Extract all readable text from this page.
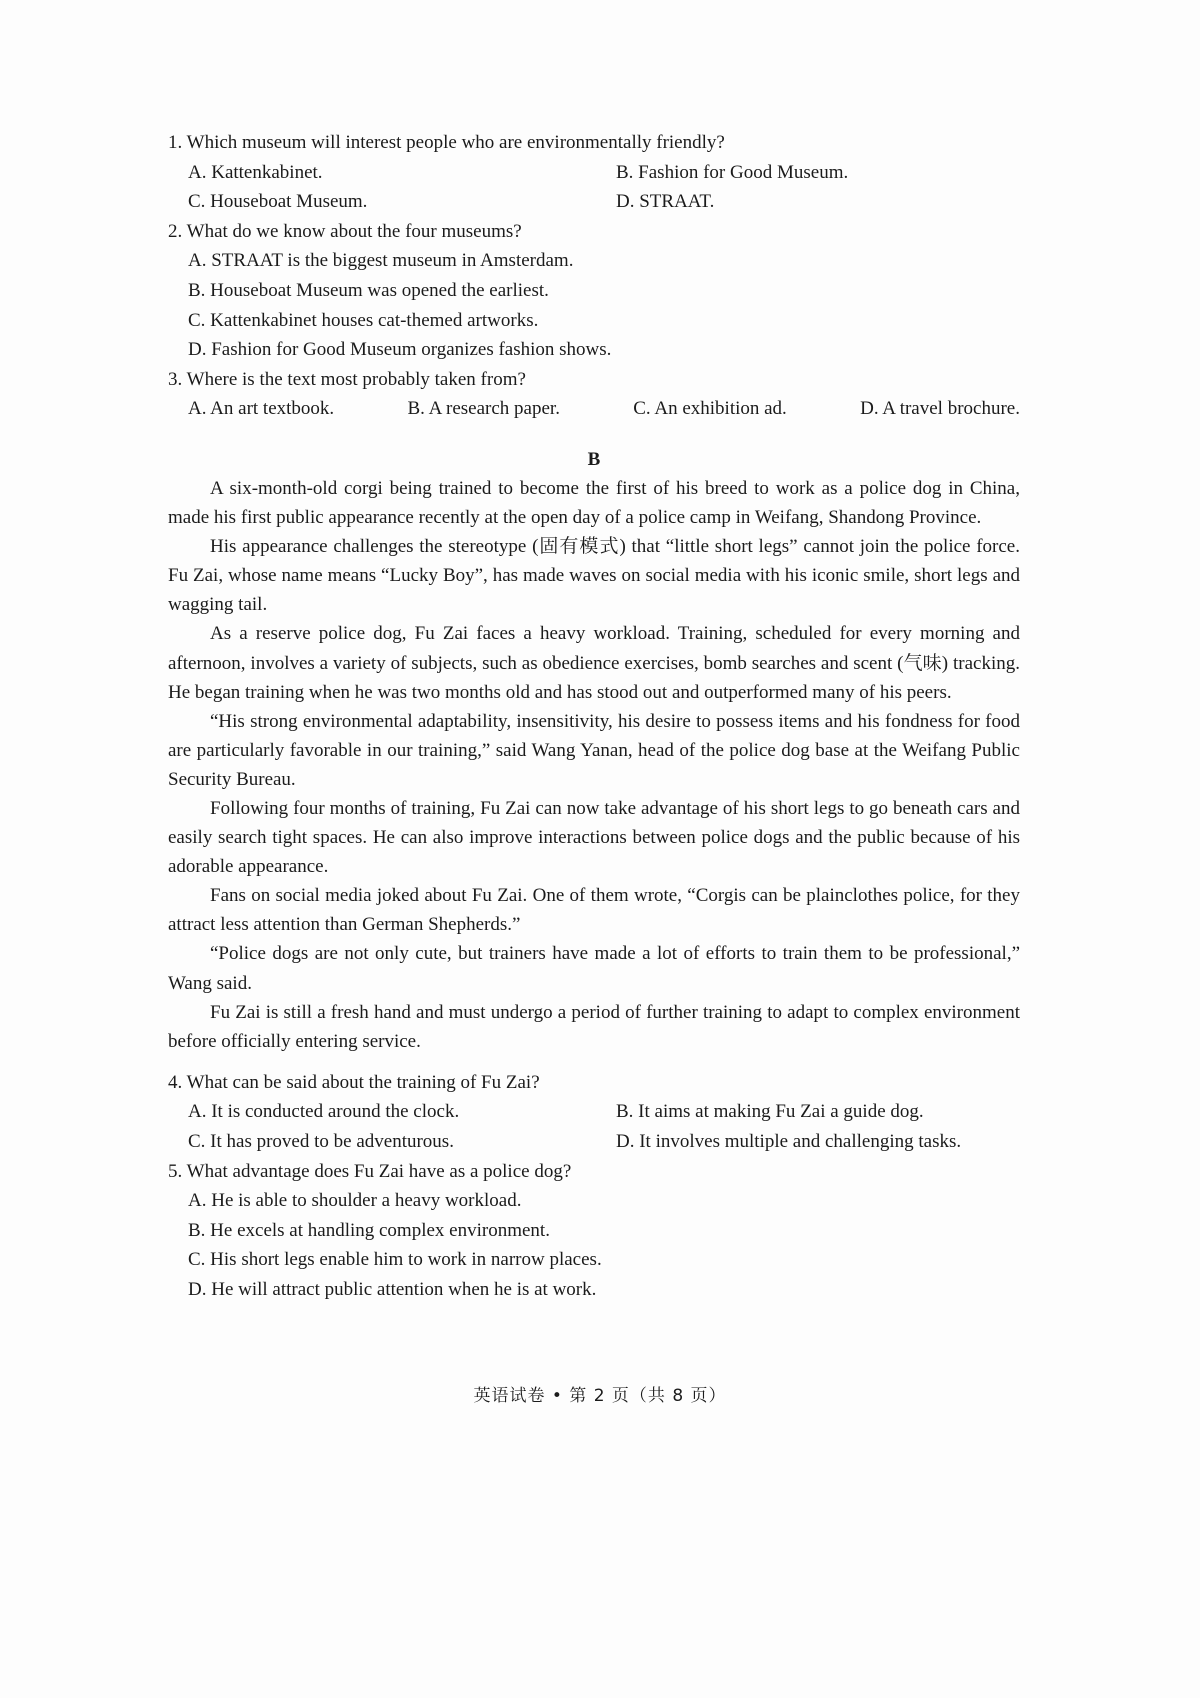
1. Which museum will interest people who are environmentally friendly?
A. Kattenkabinet.	B. Fashion for Good Museum.
C. Houseboat Museum.	D. STRAAT.
2. What do we know about the four museums?
A. STRAAT is the biggest museum in Amsterdam.
B. Houseboat Museum was opened the earliest.
C. Kattenkabinet houses cat-themed artworks.
D. Fashion for Good Museum organizes fashion shows.
3. Where is the text most probably taken from?
A. An art textbook.	B. A research paper.	C. An exhibition ad.	D. A travel brochure.
B

A six-month-old corgi being trained to become the first of his breed to work as a police dog in China, made his first public appearance recently at the open day of a police camp in Weifang, Shandong Province.

His appearance challenges the stereotype (固有模式) that “little short legs” cannot join the police force. Fu Zai, whose name means “Lucky Boy”, has made waves on social media with his iconic smile, short legs and wagging tail.

As a reserve police dog, Fu Zai faces a heavy workload. Training, scheduled for every morning and afternoon, involves a variety of subjects, such as obedience exercises, bomb searches and scent (气味) tracking. He began training when he was two months old and has stood out and outperformed many of his peers.

“His strong environmental adaptability, insensitivity, his desire to possess items and his fondness for food are particularly favorable in our training,” said Wang Yanan, head of the police dog base at the Weifang Public Security Bureau.

Following four months of training, Fu Zai can now take advantage of his short legs to go beneath cars and easily search tight spaces. He can also improve interactions between police dogs and the public because of his adorable appearance.

Fans on social media joked about Fu Zai. One of them wrote, “Corgis can be plainclothes police, for they attract less attention than German Shepherds.”

“Police dogs are not only cute, but trainers have made a lot of efforts to train them to be professional,” Wang said.

Fu Zai is still a fresh hand and must undergo a period of further training to adapt to complex environment before officially entering service.

4. What can be said about the training of Fu Zai?
A. It is conducted around the clock.	B. It aims at making Fu Zai a guide dog.
C. It has proved to be adventurous.	D. It involves multiple and challenging tasks.
5. What advantage does Fu Zai have as a police dog?
A. He is able to shoulder a heavy workload.
B. He excels at handling complex environment.
C. His short legs enable him to work in narrow places.
D. He will attract public attention when he is at work.
英语试卷 • 第 2 页（共 8 页）
